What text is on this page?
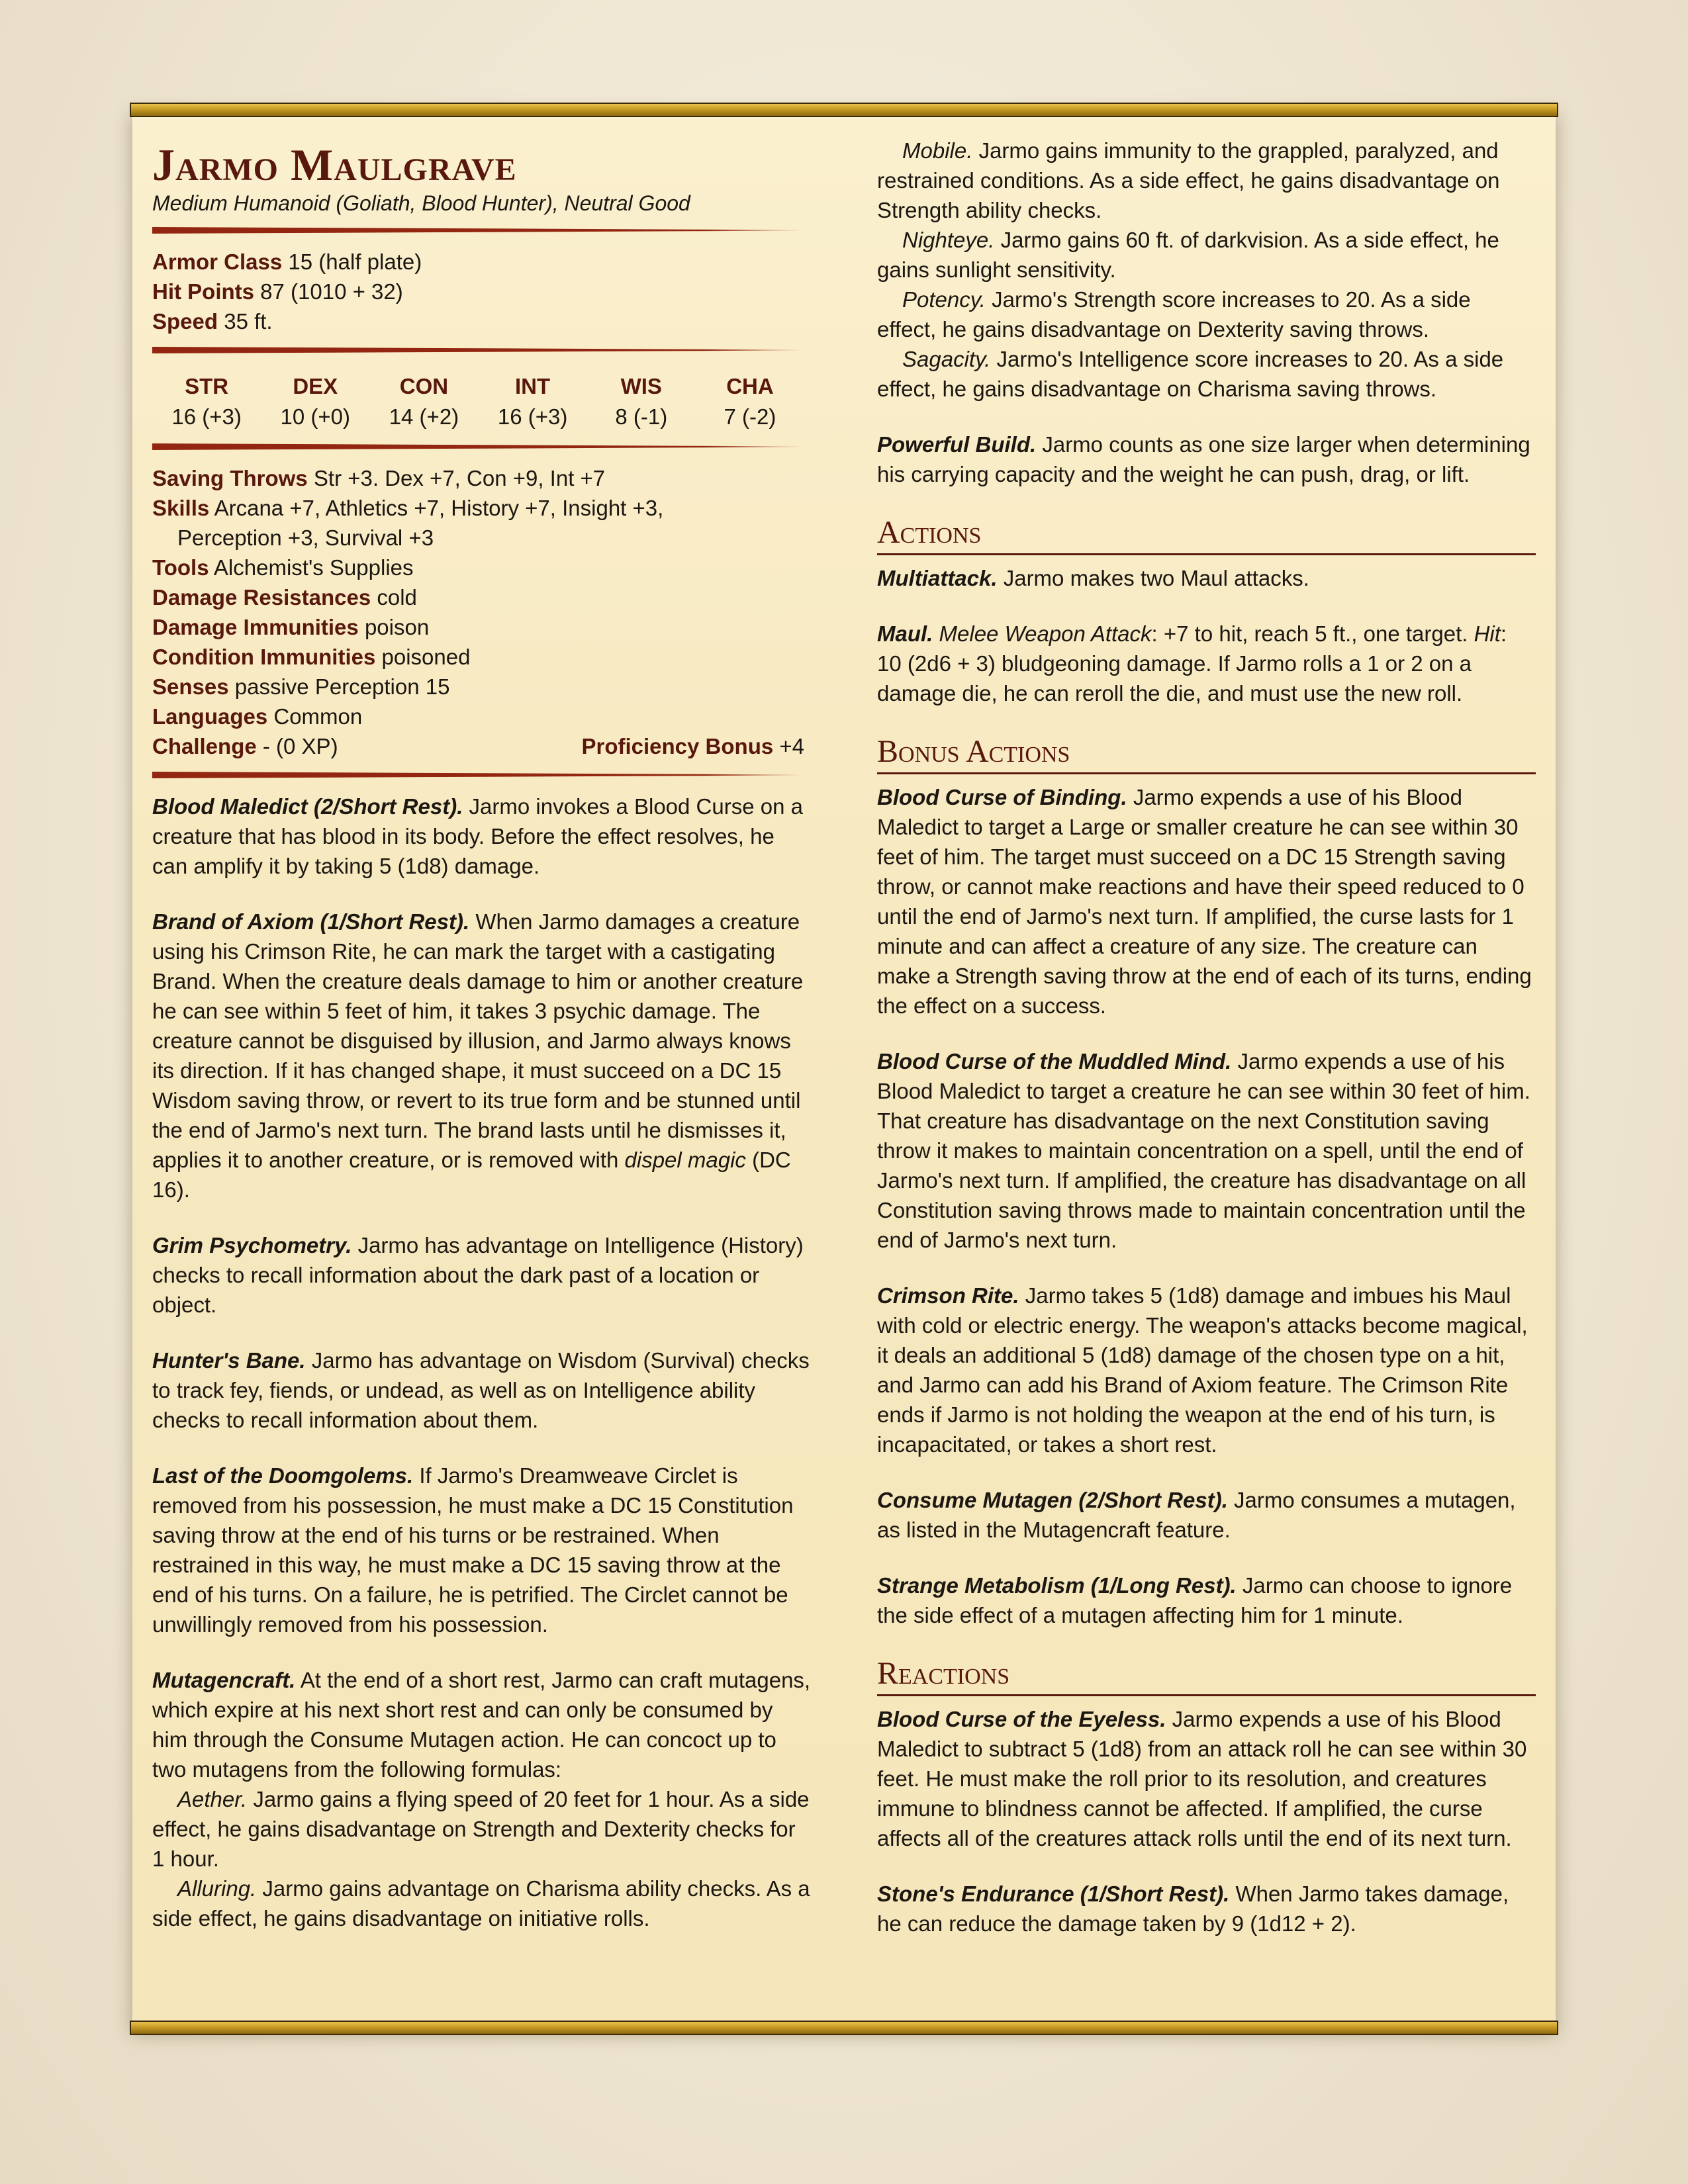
Jarmo Maulgrave
Medium Humanoid (Goliath, Blood Hunter), Neutral Good
Armor Class 15 (half plate)
Hit Points 87 (1010 + 32)
Speed 35 ft.
STR
16 (+3)
DEX
10 (+0)
CON
14 (+2)
INT
16 (+3)
WIS
8 (-1)
CHA
7 (-2)
Saving Throws Str +3. Dex +7, Con +9, Int +7
Skills Arcana +7, Athletics +7, History +7, Insight +3,
Perception +3, Survival +3
Tools Alchemist's Supplies
Damage Resistances cold
Damage Immunities poison
Condition Immunities poisoned
Senses passive Perception 15
Languages Common
Challenge - (0 XP)	Proficiency Bonus +4

Blood Maledict (2/Short Rest). Jarmo invokes a Blood Curse on a creature that has blood in its body. Before the effect resolves, he can amplify it by taking 5 (1d8) damage.

Brand of Axiom (1/Short Rest). When Jarmo damages a creature using his Crimson Rite, he can mark the target with a castigating Brand. When the creature deals damage to him or another creature he can see within 5 feet of him, it takes 3 psychic damage. The creature cannot be disguised by illusion, and Jarmo always knows its direction. If it has changed shape, it must succeed on a DC 15 Wisdom saving throw, or revert to its true form and be stunned until the end of Jarmo's next turn. The brand lasts until he dismisses it, applies it to another creature, or is removed with dispel magic (DC 16).

Grim Psychometry. Jarmo has advantage on Intelligence (History) checks to recall information about the dark past of a location or object.

Hunter's Bane. Jarmo has advantage on Wisdom (Survival) checks to track fey, fiends, or undead, as well as on Intelligence ability checks to recall information about them.

Last of the Doomgolems. If Jarmo's Dreamweave Circlet is removed from his possession, he must make a DC 15 Constitution saving throw at the end of his turns or be restrained. When restrained in this way, he must make a DC 15 saving throw at the end of his turns. On a failure, he is petrified. The Circlet cannot be unwillingly removed from his possession.

Mutagencraft. At the end of a short rest, Jarmo can craft mutagens, which expire at his next short rest and can only be consumed by him through the Consume Mutagen action. He can concoct up to two mutagens from the following formulas:

Aether. Jarmo gains a flying speed of 20 feet for 1 hour. As a side effect, he gains disadvantage on Strength and Dexterity checks for 1 hour.

Alluring. Jarmo gains advantage on Charisma ability checks. As a side effect, he gains disadvantage on initiative rolls.

Mobile. Jarmo gains immunity to the grappled, paralyzed, and restrained conditions. As a side effect, he gains disadvantage on Strength ability checks.

Nighteye. Jarmo gains 60 ft. of darkvision. As a side effect, he gains sunlight sensitivity.

Potency. Jarmo's Strength score increases to 20. As a side effect, he gains disadvantage on Dexterity saving throws.

Sagacity. Jarmo's Intelligence score increases to 20. As a side effect, he gains disadvantage on Charisma saving throws.

Powerful Build. Jarmo counts as one size larger when determining his carrying capacity and the weight he can push, drag, or lift.

Actions

Multiattack. Jarmo makes two Maul attacks.

Maul. Melee Weapon Attack: +7 to hit, reach 5 ft., one target. Hit: 10 (2d6 + 3) bludgeoning damage. If Jarmo rolls a 1 or 2 on a damage die, he can reroll the die, and must use the new roll.

Bonus Actions

Blood Curse of Binding. Jarmo expends a use of his Blood Maledict to target a Large or smaller creature he can see within 30 feet of him. The target must succeed on a DC 15 Strength saving throw, or cannot make reactions and have their speed reduced to 0 until the end of Jarmo's next turn. If amplified, the curse lasts for 1 minute and can affect a creature of any size. The creature can make a Strength saving throw at the end of each of its turns, ending the effect on a success.

Blood Curse of the Muddled Mind. Jarmo expends a use of his Blood Maledict to target a creature he can see within 30 feet of him. That creature has disadvantage on the next Constitution saving throw it makes to maintain concentration on a spell, until the end of Jarmo's next turn. If amplified, the creature has disadvantage on all Constitution saving throws made to maintain concentration until the end of Jarmo's next turn.

Crimson Rite. Jarmo takes 5 (1d8) damage and imbues his Maul with cold or electric energy. The weapon's attacks become magical, it deals an additional 5 (1d8) damage of the chosen type on a hit, and Jarmo can add his Brand of Axiom feature. The Crimson Rite ends if Jarmo is not holding the weapon at the end of his turn, is incapacitated, or takes a short rest.

Consume Mutagen (2/Short Rest). Jarmo consumes a mutagen, as listed in the Mutagencraft feature.

Strange Metabolism (1/Long Rest). Jarmo can choose to ignore the side effect of a mutagen affecting him for 1 minute.

Reactions

Blood Curse of the Eyeless. Jarmo expends a use of his Blood Maledict to subtract 5 (1d8) from an attack roll he can see within 30 feet. He must make the roll prior to its resolution, and creatures immune to blindness cannot be affected. If amplified, the curse affects all of the creatures attack rolls until the end of its next turn.

Stone's Endurance (1/Short Rest). When Jarmo takes damage, he can reduce the damage taken by 9 (1d12 + 2).
